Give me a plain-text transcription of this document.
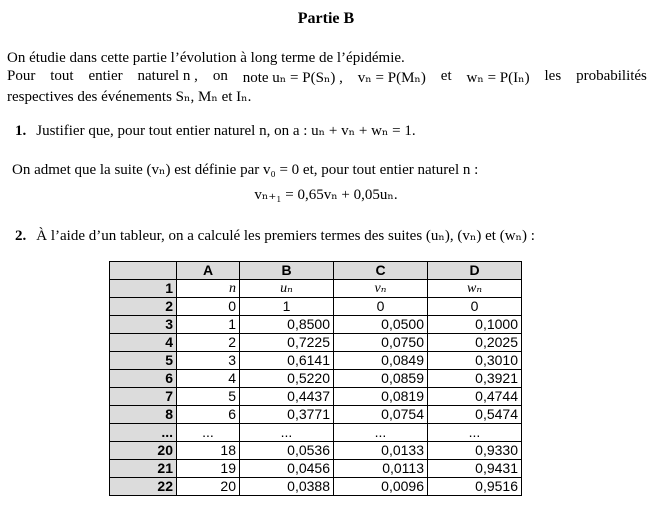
Partie B
On étudie dans cette partie l’évolution à long terme de l’épidémie.
Pour tout entier naturel n , on note uₙ = P(Sₙ) , vₙ = P(Mₙ) et wₙ = P(Iₙ) les probabilités
respectives des événements Sₙ, Mₙ et Iₙ.
1. Justifier que, pour tout entier naturel n, on a : uₙ + vₙ + wₙ = 1.
On admet que la suite (vₙ) est définie par v₀ = 0 et, pour tout entier naturel n :
vₙ₊₁ = 0,65vₙ + 0,05uₙ.
2. À l’aide d’un tableur, on a calculé les premiers termes des suites (uₙ), (vₙ) et (wₙ) :
	A	B	C	D
1	n	uₙ	vₙ	wₙ
2	0	1	0	0
3	1	0,8500	0,0500	0,1000
4	2	0,7225	0,0750	0,2025
5	3	0,6141	0,0849	0,3010
6	4	0,5220	0,0859	0,3921
7	5	0,4437	0,0819	0,4744
8	6	0,3771	0,0754	0,5474
...	...	...	...	...
20	18	0,0536	0,0133	0,9330
21	19	0,0456	0,0113	0,9431
22	20	0,0388	0,0096	0,9516
